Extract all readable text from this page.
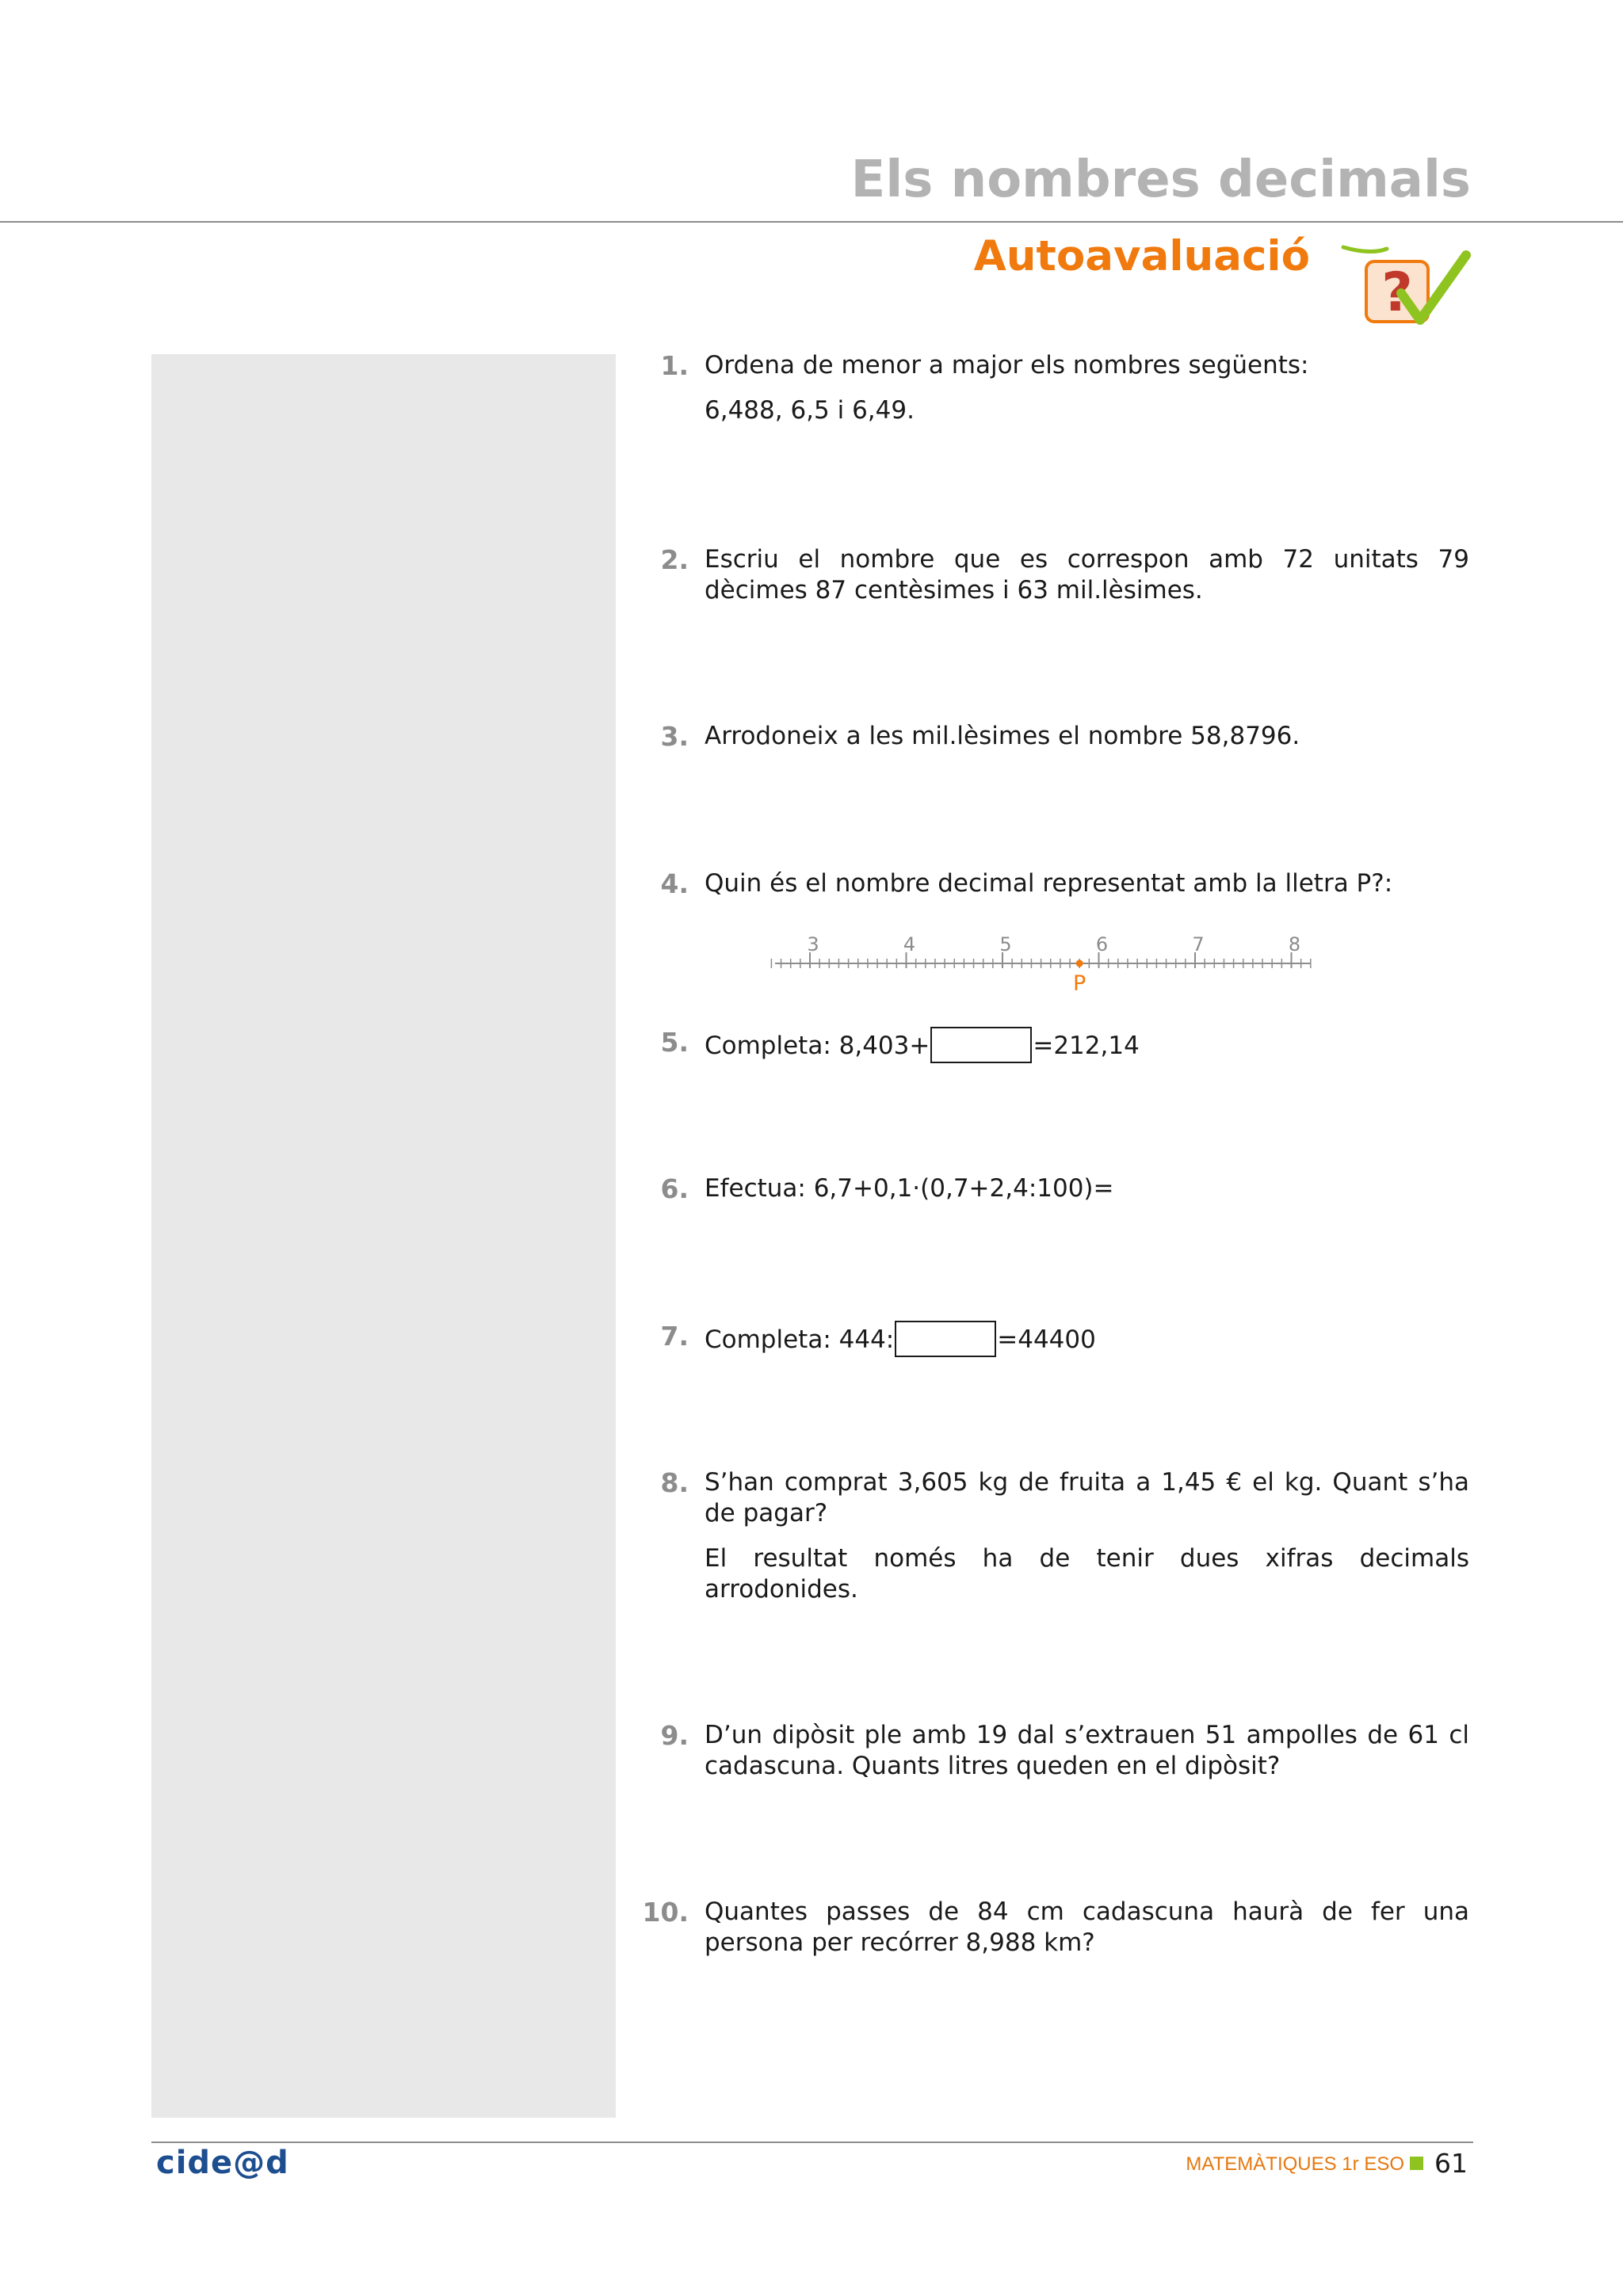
Els nombres decimals
Autoavaluació
?
1. Ordena de menor a major els nombres següents:

6,488, 6,5 i 6,49.

2. Escriu el nombre que es correspon amb 72 unitats 79 dècimes 87 centèsimes i 63 mil.lèsimes.

3. Arrodoneix a les mil.lèsimes el nombre 58,8796.

4. Quin és el nombre decimal representat amb la lletra P?:

3	4	5	6	7	8
P
5. Completa: 8,403+	=212,14

6. Efectua: 6,7+0,1·(0,7+2,4:100)=

7. Completa: 444:	=44400

8. S’han comprat 3,605 kg de fruita a 1,45 € el kg. Quant s’ha de pagar?

El resultat només ha de tenir dues xifras decimals arrodonides.

9. D’un dipòsit ple amb 19 dal s’extrauen 51 ampolles de 61 cl cadascuna. Quants litres queden en el dipòsit?

10. Quantes passes de 84 cm cadascuna haurà de fer una persona per recórrer 8,988 km?

cide@d	MATEMÀTIQUES 1r ESO 61
